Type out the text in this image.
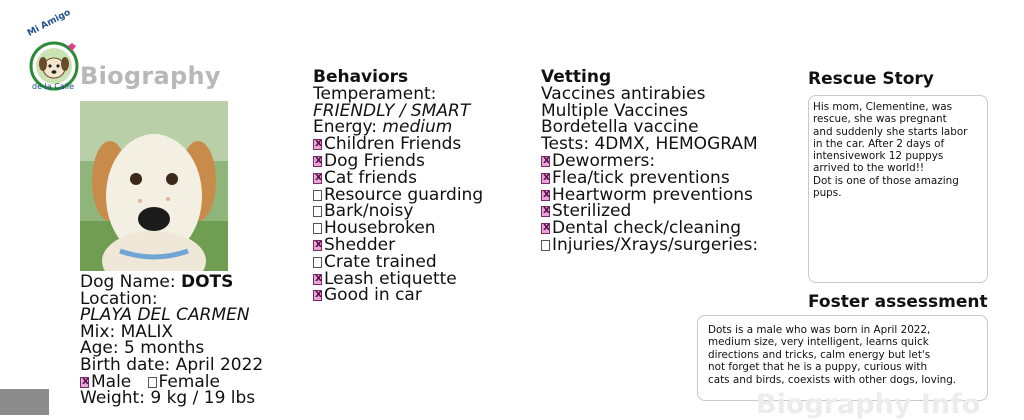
Mi Amigo
de la Calle Biography
Dog Name: DOTS
Location:
PLAYA DEL CARMEN
Mix: MALIX
Age: 5 months
Birth date: April 2022
xMale Female
Weight: 9 kg / 19 lbs
Behaviors
Temperament:
FRIENDLY / SMART
Energy: medium
xChildren Friends
xDog Friends
xCat friends
Resource guarding
Bark/noisy
Housebroken
xShedder
Crate trained
xLeash etiquette
xGood in car
Vetting
Vaccines antirabies
Multiple Vaccines
Bordetella vaccine
Tests: 4DMX, HEMOGRAM
xDewormers:
xFlea/tick preventions
xHeartworm preventions
xSterilized
xDental check/cleaning
Injuries/Xrays/surgeries:
Rescue Story
His mom, Clementine, was
rescue, she was pregnant
and suddenly she starts labor
in the car. After 2 days of
intensivework 12 puppys
arrived to the world!!
Dot is one of those amazing
pups.
Foster assessment
Dots is a male who was born in April 2022,
medium size, very intelligent, learns quick
directions and tricks, calm energy but let's
not forget that he is a puppy, curious with
cats and birds, coexists with other dogs, loving.
Biography Info
